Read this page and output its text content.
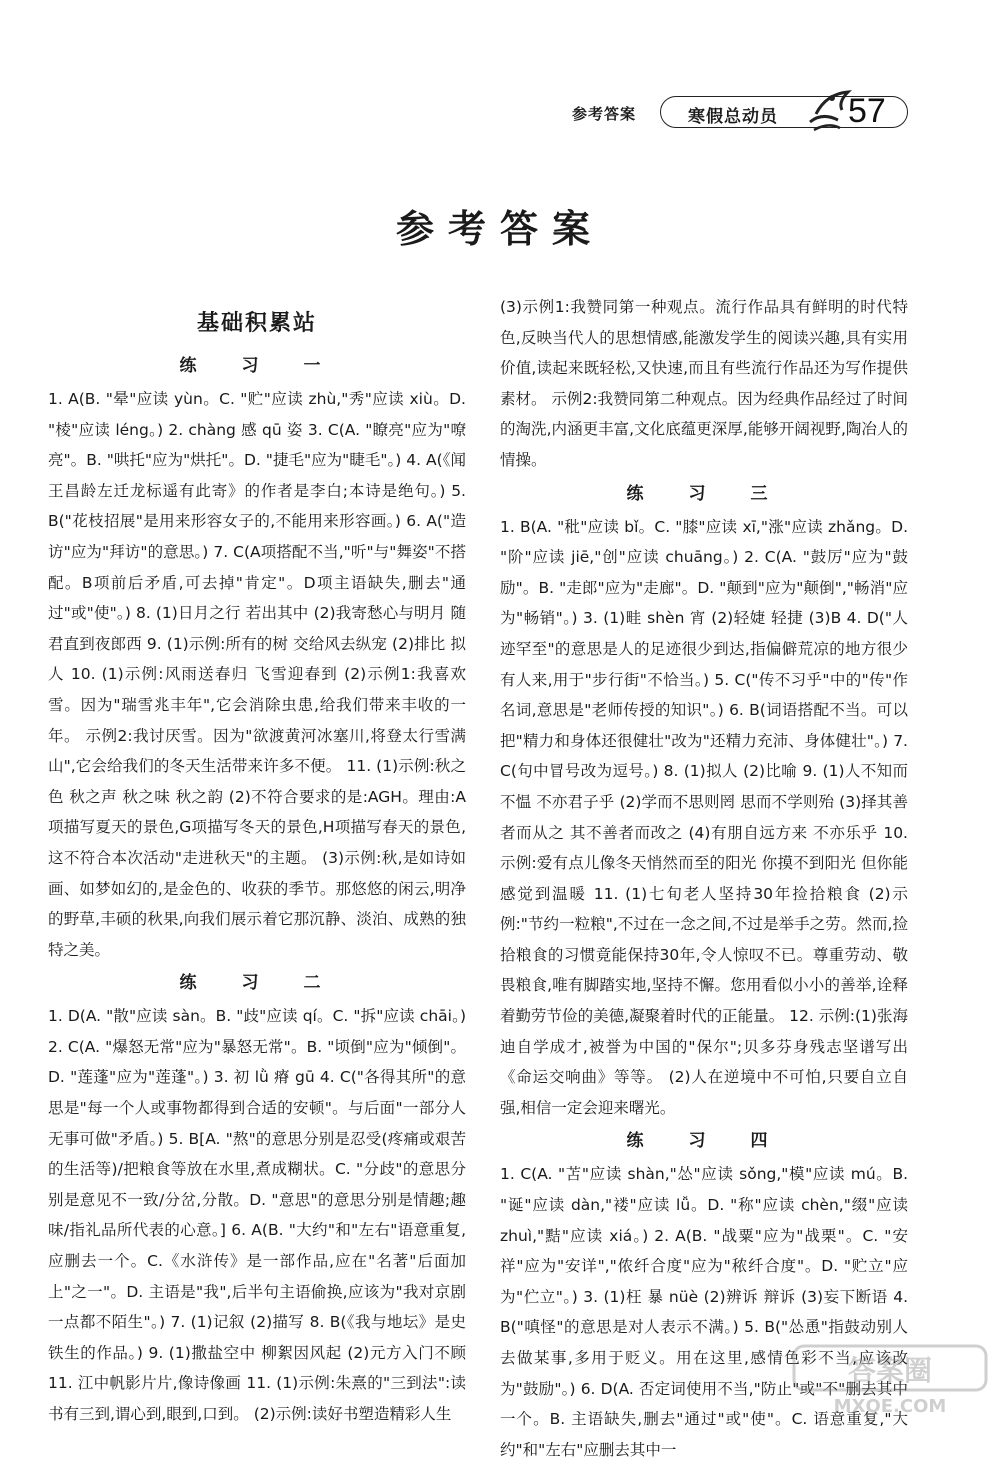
参考答案	寒假总动员 57
参考答案
基础积累站
练　习　一
1. A(B. "晕"应读 yùn。C. "贮"应读 zhù,"秀"应读 xiù。D. "棱"应读 léng。) 2. chàng 感 qū 姿 3. C(A. "瞭亮"应为"嘹亮"。B. "哄托"应为"烘托"。D. "捷毛"应为"睫毛"。) 4. A(《闻王昌龄左迁龙标遥有此寄》的作者是李白;本诗是绝句。) 5. B("花枝招展"是用来形容女子的,不能用来形容画。) 6. A("造访"应为"拜访"的意思。) 7. C(A项搭配不当,"听"与"舞姿"不搭配。B项前后矛盾,可去掉"肯定"。D项主语缺失,删去"通过"或"使"。) 8. (1)日月之行 若出其中 (2)我寄愁心与明月 随君直到夜郎西 9. (1)示例:所有的树 交给风去纵宠 (2)排比 拟人 10. (1)示例:风雨送春归 飞雪迎春到 (2)示例1:我喜欢雪。因为"瑞雪兆丰年",它会消除虫患,给我们带来丰收的一年。 示例2:我讨厌雪。因为"欲渡黄河冰塞川,将登太行雪满山",它会给我们的冬天生活带来许多不便。 11. (1)示例:秋之色 秋之声 秋之味 秋之韵 (2)不符合要求的是:AGH。理由:A项描写夏天的景色,G项描写冬天的景色,H项描写春天的景色,这不符合本次活动"走进秋天"的主题。 (3)示例:秋,是如诗如画、如梦如幻的,是金色的、收获的季节。那悠悠的闲云,明净的野草,丰硕的秋果,向我们展示着它那沉静、淡泊、成熟的独特之美。
练　习　二
1. D(A. "散"应读 sàn。B. "歧"应读 qí。C. "拆"应读 chāi。) 2. C(A. "爆怒无常"应为"暴怒无常"。B. "顷倒"应为"倾倒"。D. "莲蓬"应为"莲蓬"。) 3. 初 lǜ 瘠 gū 4. C("各得其所"的意思是"每一个人或事物都得到合适的安顿"。与后面"一部分人无事可做"矛盾。) 5. B[A. "熬"的意思分别是忍受(疼痛或艰苦的生活等)/把粮食等放在水里,煮成糊状。C. "分歧"的意思分别是意见不一致/分岔,分散。D. "意思"的意思分别是情趣;趣味/指礼品所代表的心意。] 6. A(B. "大约"和"左右"语意重复,应删去一个。C.《水浒传》是一部作品,应在"名著"后面加上"之一"。D. 主语是"我",后半句主语偷换,应该为"我对京剧一点都不陌生"。) 7. (1)记叙 (2)描写 8. B(《我与地坛》是史铁生的作品。) 9. (1)撒盐空中 柳絮因风起 (2)元方入门不顾 11. 江中帆影片片,像诗像画 11. (1)示例:朱熹的"三到法":读书有三到,谓心到,眼到,口到。 (2)示例:读好书塑造精彩人生
(3)示例1:我赞同第一种观点。流行作品具有鲜明的时代特色,反映当代人的思想情感,能激发学生的阅读兴趣,具有实用价值,读起来既轻松,又快速,而且有些流行作品还为写作提供素材。 示例2:我赞同第二种观点。因为经典作品经过了时间的淘洗,内涵更丰富,文化底蕴更深厚,能够开阔视野,陶冶人的情操。
练　习　三
1. B(A. "秕"应读 bǐ。C. "膝"应读 xī,"涨"应读 zhǎng。D. "阶"应读 jiē,"创"应读 chuāng。) 2. C(A. "鼓厉"应为"鼓励"。B. "走郎"应为"走廊"。D. "颠到"应为"颠倒","畅消"应为"畅销"。) 3. (1)畦 shèn 宵 (2)轻婕 轻捷 (3)B 4. D("人迹罕至"的意思是人的足迹很少到达,指偏僻荒凉的地方很少有人来,用于"步行街"不恰当。) 5. C("传不习乎"中的"传"作名词,意思是"老师传授的知识"。) 6. B(词语搭配不当。可以把"精力和身体还很健壮"改为"还精力充沛、身体健壮"。) 7. C(句中冒号改为逗号。) 8. (1)拟人 (2)比喻 9. (1)人不知而不愠 不亦君子乎 (2)学而不思则罔 思而不学则殆 (3)择其善者而从之 其不善者而改之 (4)有朋自远方来 不亦乐乎 10. 示例:爱有点儿像冬天悄然而至的阳光 你摸不到阳光 但你能感觉到温暖 11. (1)七旬老人坚持30年捡拾粮食 (2)示例:"节约一粒粮",不过在一念之间,不过是举手之劳。然而,捡拾粮食的习惯竟能保持30年,令人惊叹不已。尊重劳动、敬畏粮食,唯有脚踏实地,坚持不懈。您用看似小小的善举,诠释着勤劳节俭的美德,凝聚着时代的正能量。 12. 示例:(1)张海迪自学成才,被誉为中国的"保尔";贝多芬身残志坚谱写出《命运交响曲》等等。 (2)人在逆境中不可怕,只要自立自强,相信一定会迎来曙光。
练　习　四
1. C(A. "苫"应读 shàn,"怂"应读 sǒng,"模"应读 mú。B. "诞"应读 dàn,"褛"应读 lǚ。D. "称"应读 chèn,"缀"应读 zhuì,"黠"应读 xiá。) 2. A(B. "战粟"应为"战栗"。C. "安祥"应为"安详","侬纤合度"应为"秾纤合度"。D. "贮立"应为"伫立"。) 3. (1)枉 暴 nüè (2)辨诉 辩诉 (3)妄下断语 4. B("嗔怪"的意思是对人表示不满。) 5. B("怂恿"指鼓动别人去做某事,多用于贬义。用在这里,感情色彩不当,应该改为"鼓励"。) 6. D(A. 否定词使用不当,"防止"或"不"删去其中一个。B. 主语缺失,删去"通过"或"使"。C. 语意重复,"大约"和"左右"应删去其中一
答案圈
MXQE.COM
